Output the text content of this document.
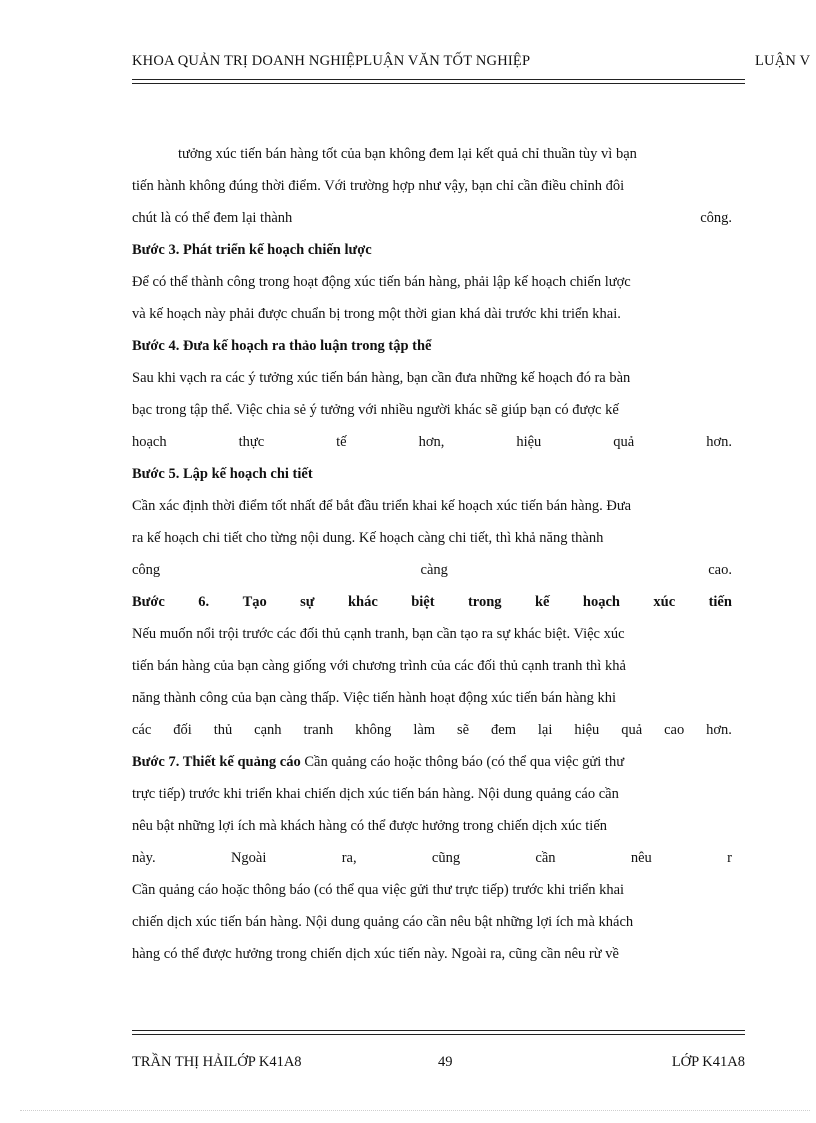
KHOA QUẢN TRỊ DOANH NGHIỆPLUẬN VĂN TỐT NGHIỆP	LUẬN V
tưởng xúc tiến bán hàng tốt của bạn không đem lại kết quả chỉ thuần tùy vì bạn
tiến hành không đúng thời điểm. Với trường hợp như vậy, bạn chỉ cần điều chỉnh đôi
chút là có thể đem lại thành	công.
Bước 3. Phát triển kế hoạch chiến lược
Để có thể thành công trong hoạt động xúc tiến bán hàng, phải lập kế hoạch chiến lược
và kế hoạch này phải được chuẩn bị trong một thời gian khá dài trước khi triển khai.
Bước 4. Đưa kế hoạch ra thảo luận trong tập thể
Sau khi vạch ra các ý tưởng xúc tiến bán hàng, bạn cần đưa những kế hoạch đó ra bàn
bạc trong tập thể. Việc chia sẻ ý tưởng với nhiều người khác sẽ giúp bạn có được kế
hoạch	thực	tế	hơn,	hiệu	quả	hơn.
Bước 5. Lập kế hoạch chi tiết
Cần xác định thời điểm tốt nhất để bắt đầu triển khai kế hoạch xúc tiến bán hàng. Đưa
ra kế hoạch chi tiết cho từng nội dung. Kế hoạch càng chi tiết, thì khả năng thành
công	càng	cao.
Bước 6. Tạo sự khác biệt trong kế hoạch xúc tiến
Nếu muốn nổi trội trước các đối thủ cạnh tranh, bạn cần tạo ra sự khác biệt. Việc xúc
tiến bán hàng của bạn càng giống với chương trình của các đối thủ cạnh tranh thì khả
năng thành công của bạn càng thấp. Việc tiến hành hoạt động xúc tiến bán hàng khi
các đối thủ cạnh tranh không làm sẽ đem lại hiệu quả cao hơn.
Bước 7. Thiết kế quảng cáo Cần quảng cáo hoặc thông báo (có thể qua việc gửi thư
trực tiếp) trước khi triển khai chiến dịch xúc tiến bán hàng. Nội dung quảng cáo cần
nêu bật những lợi ích mà khách hàng có thể được hưởng trong chiến dịch xúc tiến
này.	Ngoài	ra,	cũng	cần	nêu	r
Cần quảng cáo hoặc thông báo (có thể qua việc gửi thư trực tiếp) trước khi triển khai
chiến dịch xúc tiến bán hàng. Nội dung quảng cáo cần nêu bật những lợi ích mà khách
hàng có thể được hưởng trong chiến dịch xúc tiến này. Ngoài ra, cũng cần nêu rừ về
TRẦN THỊ HẢILỚP K41A8	49	LỚP K41A8
